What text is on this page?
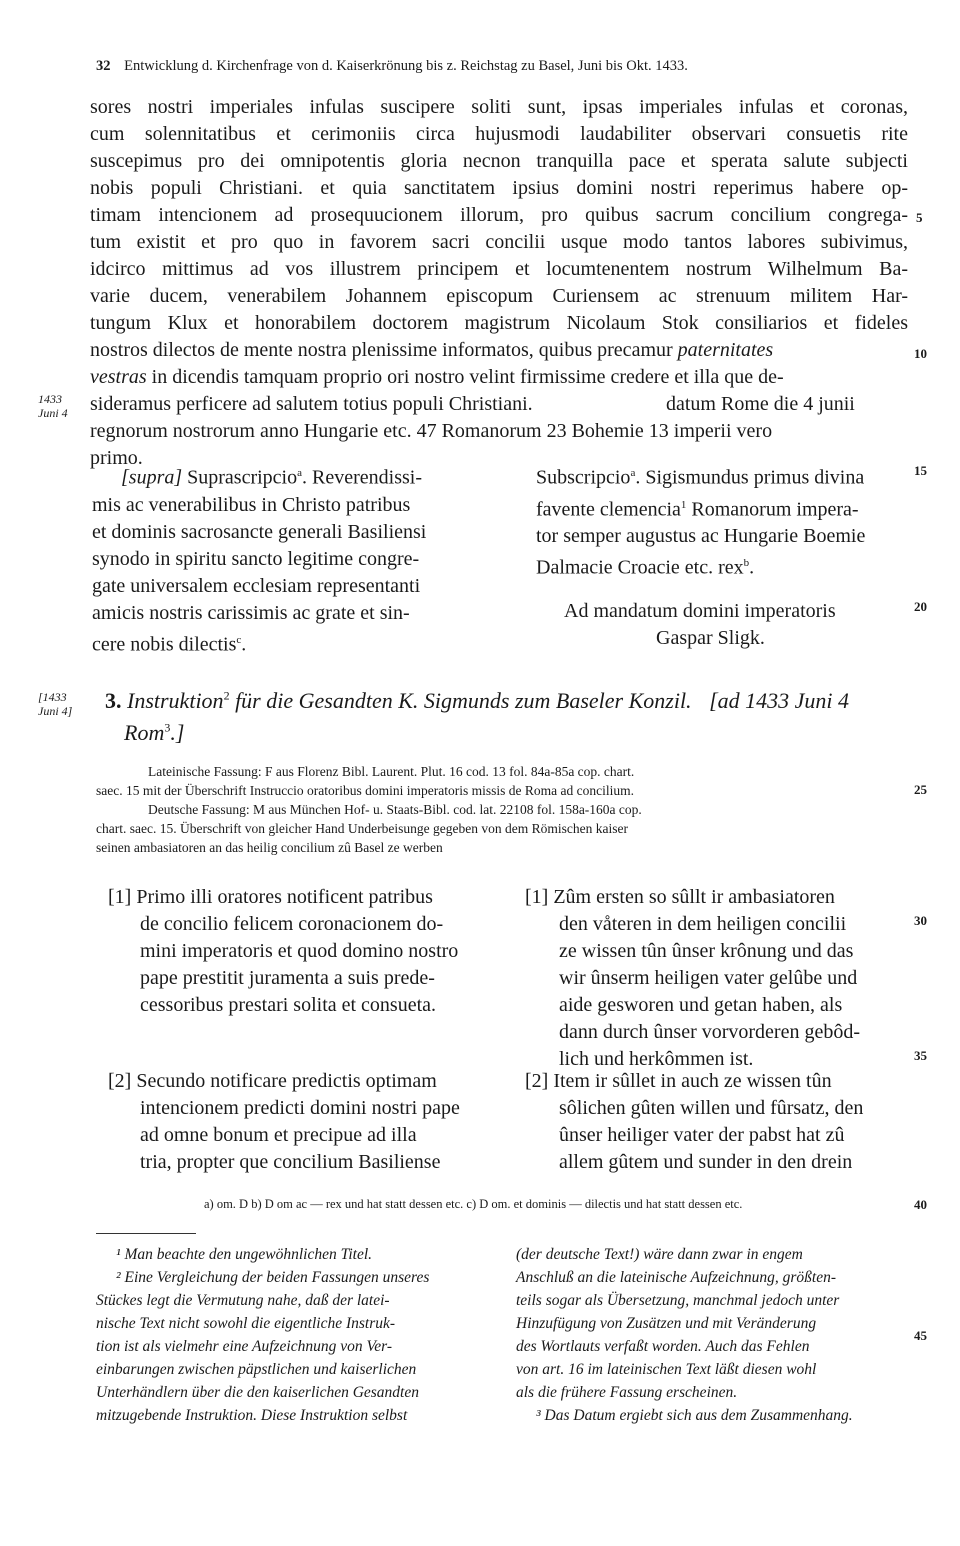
32 Entwicklung d. Kirchenfrage von d. Kaiserkrönung bis z. Reichstag zu Basel, Juni bis Okt. 1433.
sores nostri imperiales infulas suscipere soliti sunt, ipsas imperiales infulas et coronas,
cum solennitatibus et cerimoniis circa hujusmodi laudabiliter observari consuetis rite
suscepimus pro dei omnipotentis gloria necnon tranquilla pace et sperata salute subjecti
nobis populi Christiani. et quia sanctitatem ipsius domini nostri reperimus habere op-
timam intencionem ad prosequucionem illorum, pro quibus sacrum concilium congrega-
tum existit et pro quo in favorem sacri concilii usque modo tantos labores subivimus,
idcirco mittimus ad vos illustrem principem et locumtenentem nostrum Wilhelmum Ba-
varie ducem, venerabilem Johannem episcopum Curiensem ac strenuum militem Har-
tungum Klux et honorabilem doctorem magistrum Nicolaum Stok consiliarios et fideles
nostros dilectos de mente nostra plenissime informatos, quibus precamur paternitates
vestras in dicendis tamquam proprio ori nostro velint firmissime credere et illa que de-
sideramus perficere ad salutem totius populi Christiani.	datum Rome die 4 junii
regnorum nostrorum anno Hungarie etc. 47 Romanorum 23 Bohemie 13 imperii vero
primo.
1433
Juni 4
[1433
Juni 4]
5
10
15
20
25
30
35
40
45
[supra] Suprascripcio$^a$. Reverendissi-
mis ac venerabilibus in Christo patribus
et dominis sacrosancte generali Basiliensi
synodo in spiritu sancto legitime congre-
gate universalem ecclesiam representanti
amicis nostris carissimis ac grate et sin-
cere nobis dilectis$^c$.
Subscripcio$^a$. Sigismundus primus divina
favente clemencia$^1$ Romanorum impera-
tor semper augustus ac Hungarie Boemie
Dalmacie Croacie etc. rex$^b$.
Ad mandatum domini imperatoris
Gaspar Sligk.
3. Instruktion$^2$ für die Gesandten K. Sigmunds zum Baseler Konzil. [ad 1433 Juni 4
Rom$^3$.]
Lateinische Fassung: F aus Florenz Bibl. Laurent. Plut. 16 cod. 13 fol. 84a-85a cop. chart.
saec. 15 mit der Überschrift Instruccio oratoribus domini imperatoris missis de Roma ad concilium.
Deutsche Fassung: M aus München Hof- u. Staats-Bibl. cod. lat. 22108 fol. 158a-160a cop.
chart. saec. 15. Überschrift von gleicher Hand Underbeisunge gegeben von dem Römischen kaiser
seinen ambasiatoren an das heilig concilium zû Basel ze werben
[1] Primo illi oratores notificent patribus
de concilio felicem coronacionem do-
mini imperatoris et quod domino nostro
pape prestitit juramenta a suis prede-
cessoribus prestari solita et consueta.
[2] Secundo notificare predictis optimam
intencionem predicti domini nostri pape
ad omne bonum et precipue ad illa
tria, propter que concilium Basiliense
[1] Zûm ersten so sûllt ir ambasiatoren
den våteren in dem heiligen concilii
ze wissen tûn ûnser krônung und das
wir ûnserm heiligen vater gelûbe und
aide gesworen und getan haben, als
dann durch ûnser vorvorderen gebôd-
lich und herkômmen ist.
[2] Item ir sûllet in auch ze wissen tûn
sôlichen gûten willen und fûrsatz, den
ûnser heiliger vater der pabst hat zû
allem gûtem und sunder in den drein
a) om. D b) D om ac — rex und hat statt dessen etc. c) D om. et dominis — dilectis und hat statt dessen etc.
¹ Man beachte den ungewöhnlichen Titel.
² Eine Vergleichung der beiden Fassungen unseres
Stückes legt die Vermutung nahe, daß der latei-
nische Text nicht sowohl die eigentliche Instruk-
tion ist als vielmehr eine Aufzeichnung von Ver-
einbarungen zwischen päpstlichen und kaiserlichen
Unterhändlern über die den kaiserlichen Gesandten
mitzugebende Instruktion. Diese Instruktion selbst
(der deutsche Text!) wäre dann zwar in engem
Anschluß an die lateinische Aufzeichnung, größten-
teils sogar als Übersetzung, manchmal jedoch unter
Hinzufügung von Zusätzen und mit Veränderung
des Wortlauts verfaßt worden. Auch das Fehlen
von art. 16 im lateinischen Text läßt diesen wohl
als die frühere Fassung erscheinen.
³ Das Datum ergiebt sich aus dem Zusammenhang.
